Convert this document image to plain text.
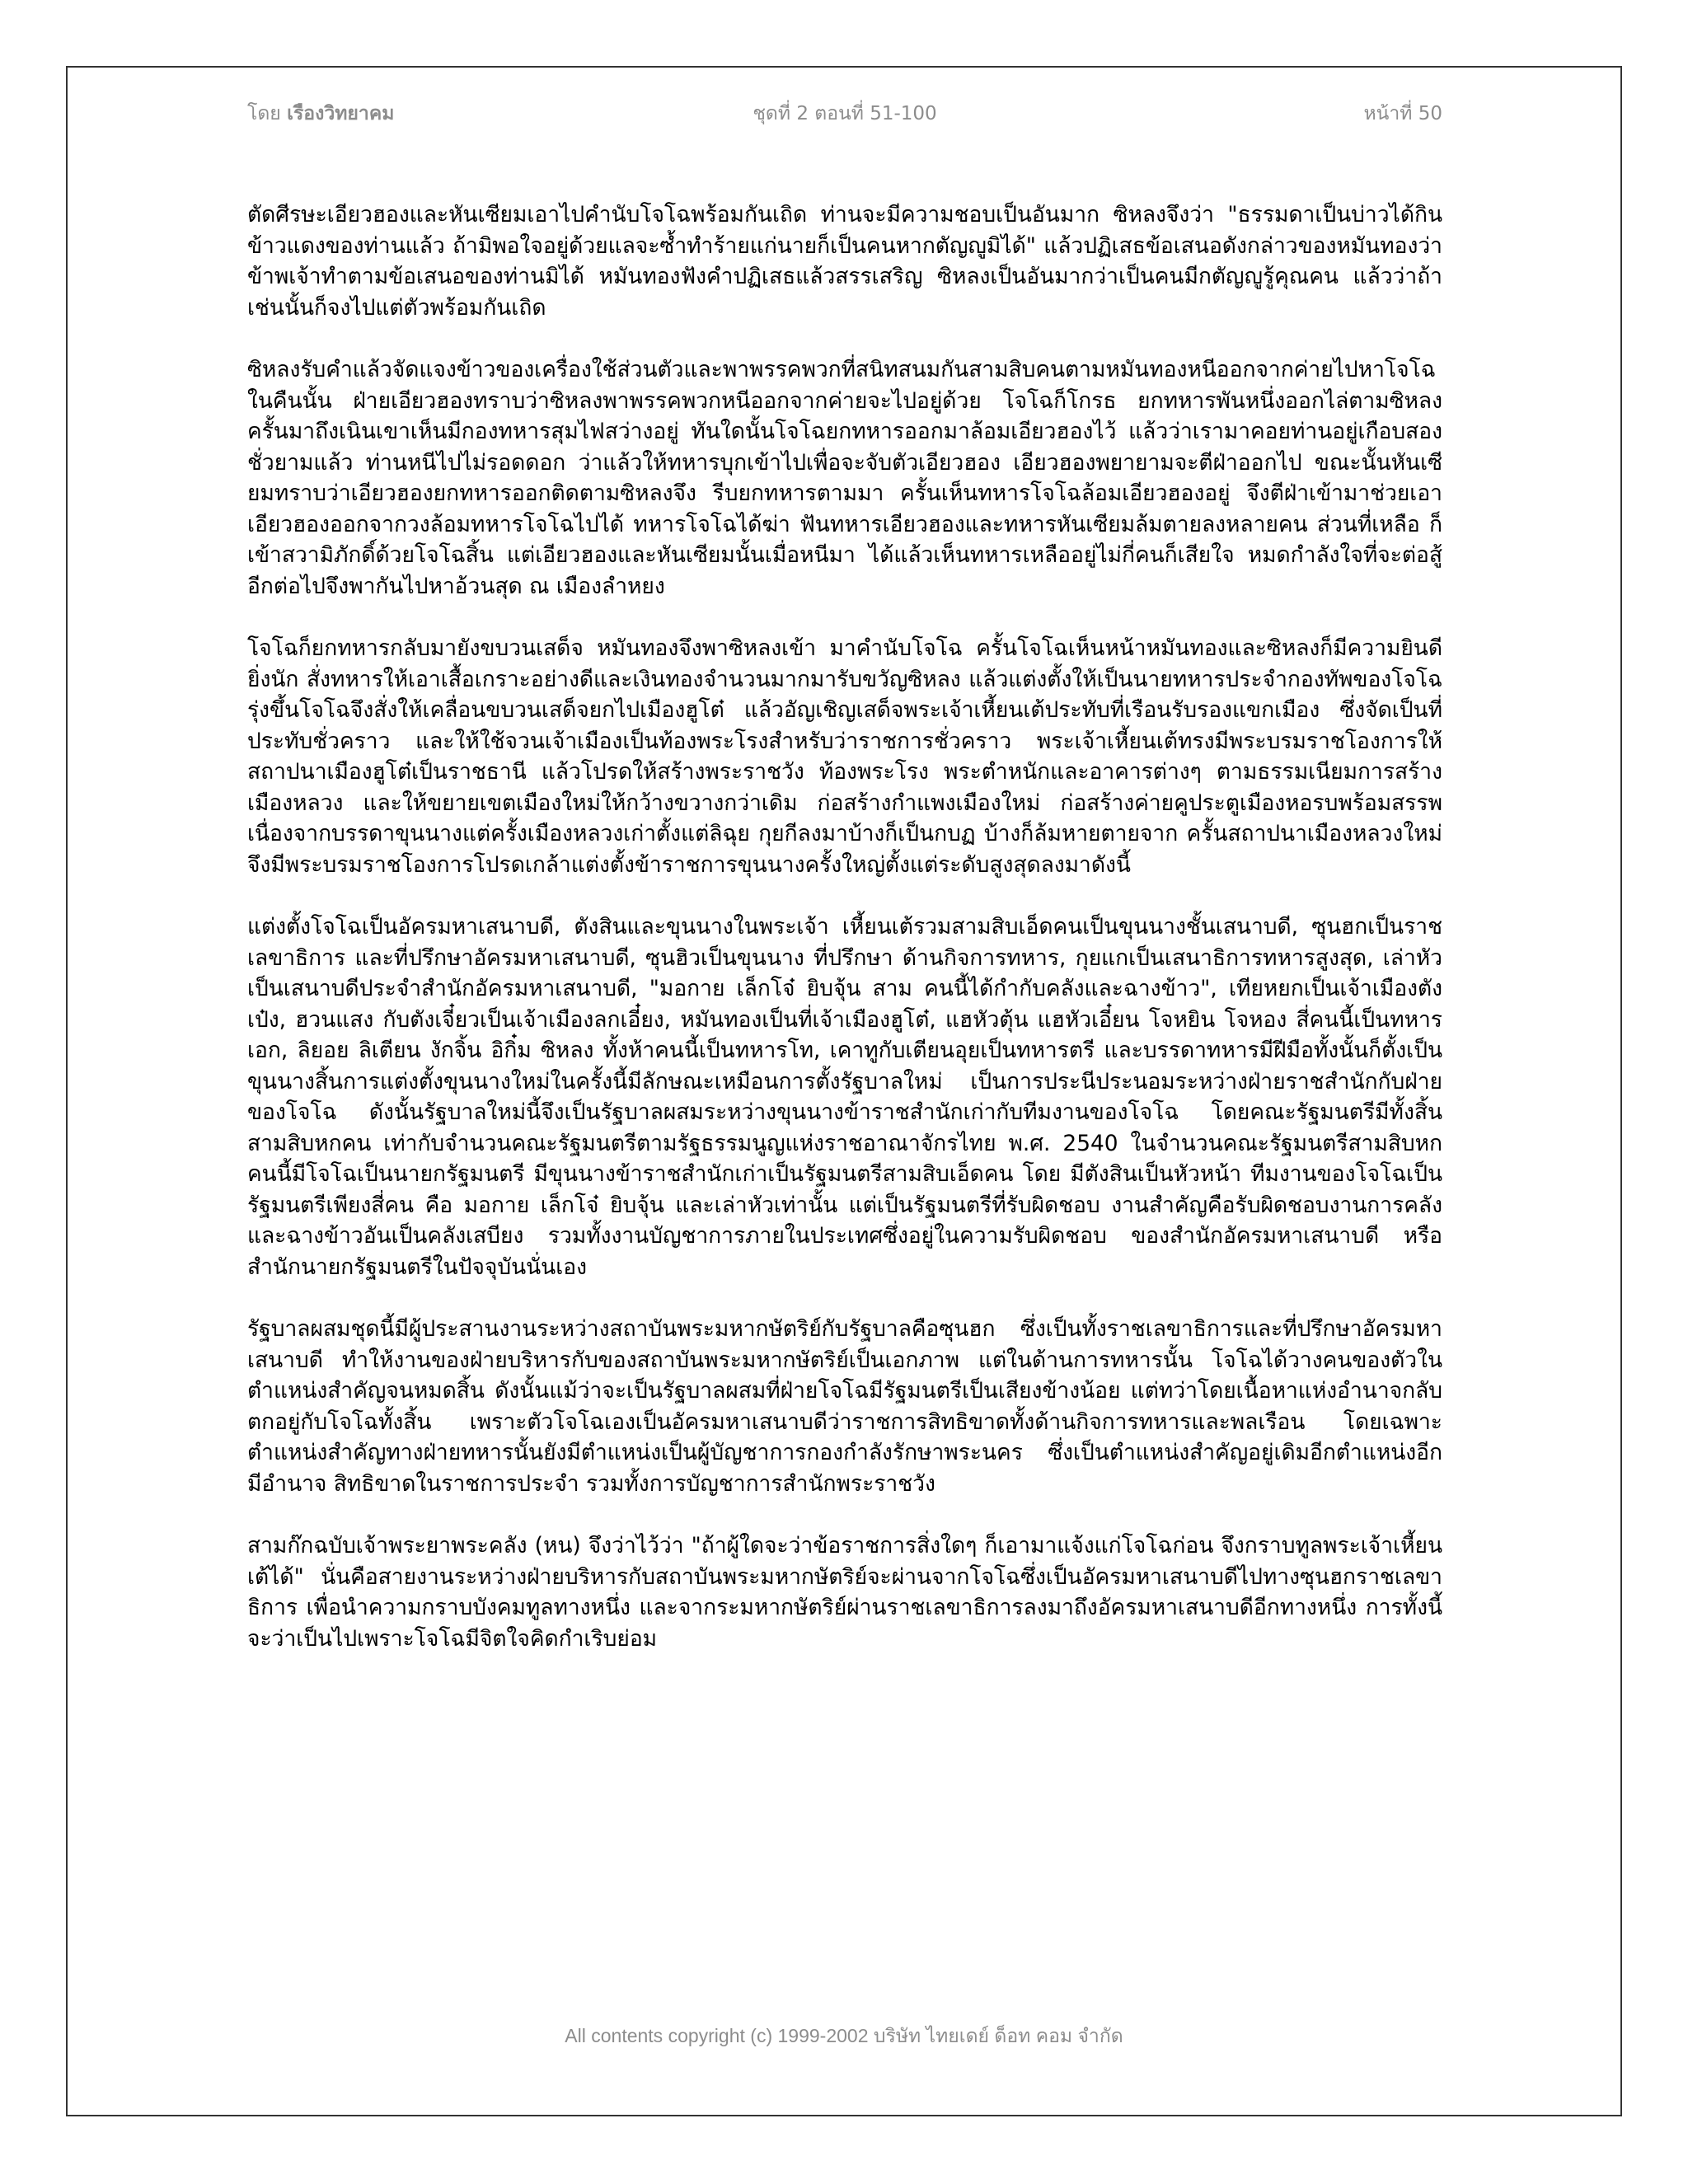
โดย เรืองวิทยาคม	ชุดที่ 2 ตอนที่ 51-100	หน้าที่ 50

ตัดศีรษะเอียวฮองและหันเซียมเอาไปคำนับโจโฉพร้อมกันเถิด ท่านจะมีความชอบเป็นอันมาก ซิหลงจึงว่า "ธรรมดาเป็นบ่าวได้กินข้าวแดงของท่านแล้ว ถ้ามิพอใจอยู่ด้วยแลจะซ้ำทำร้ายแก่นายก็เป็นคนหากตัญญูมิได้" แล้วปฏิเสธข้อเสนอดังกล่าวของหมันทองว่าข้าพเจ้าทำตามข้อเสนอของท่านมิได้ หมันทองฟังคำปฏิเสธแล้วสรรเสริญ ซิหลงเป็นอันมากว่าเป็นคนมีกตัญญูรู้คุณคน แล้วว่าถ้าเช่นนั้นก็จงไปแต่ตัวพร้อมกันเถิด

ซิหลงรับคำแล้วจัดแจงข้าวของเครื่องใช้ส่วนตัวและพาพรรคพวกที่สนิทสนมกันสามสิบคนตามหมันทองหนีออกจากค่ายไปหาโจโฉในคืนนั้น ฝ่ายเอียวฮองทราบว่าซิหลงพาพรรคพวกหนีออกจากค่ายจะไปอยู่ด้วย โจโฉก็โกรธ ยกทหารพันหนึ่งออกไล่ตามซิหลง ครั้นมาถึงเนินเขาเห็นมีกองทหารสุมไฟสว่างอยู่ ทันใดนั้นโจโฉยกทหารออกมาล้อมเอียวฮองไว้ แล้วว่าเรามาคอยท่านอยู่เกือบสองชั่วยามแล้ว ท่านหนีไปไม่รอดดอก ว่าแล้วให้ทหารบุกเข้าไปเพื่อจะจับตัวเอียวฮอง เอียวฮองพยายามจะตีฝ่าออกไป ขณะนั้นหันเซียมทราบว่าเอียวฮองยกทหารออกติดตามซิหลงจึง รีบยกทหารตามมา ครั้นเห็นทหารโจโฉล้อมเอียวฮองอยู่ จึงตีฝ่าเข้ามาช่วยเอาเอียวฮองออกจากวงล้อมทหารโจโฉไปได้ ทหารโจโฉได้ฆ่า ฟันทหารเอียวฮองและทหารหันเซียมล้มตายลงหลายคน ส่วนที่เหลือ ก็เข้าสวามิภักดิ์ด้วยโจโฉสิ้น แต่เอียวฮองและหันเซียมนั้นเมื่อหนีมา ได้แล้วเห็นทหารเหลืออยู่ไม่กี่คนก็เสียใจ หมดกำลังใจที่จะต่อสู้อีกต่อไปจึงพากันไปหาอ้วนสุด ณ เมืองลำหยง

โจโฉก็ยกทหารกลับมายังขบวนเสด็จ หมันทองจึงพาซิหลงเข้า มาคำนับโจโฉ ครั้นโจโฉเห็นหน้าหมันทองและซิหลงก็มีความยินดียิ่งนัก สั่งทหารให้เอาเสื้อเกราะอย่างดีและเงินทองจำนวนมากมารับขวัญซิหลง แล้วแต่งตั้งให้เป็นนายทหารประจำกองทัพของโจโฉ รุ่งขึ้นโจโฉจึงสั่งให้เคลื่อนขบวนเสด็จยกไปเมืองฮูโต๋ แล้วอัญเชิญเสด็จพระเจ้าเหี้ยนเต้ประทับที่เรือนรับรองแขกเมือง ซึ่งจัดเป็นที่ประทับชั่วคราว และให้ใช้จวนเจ้าเมืองเป็นท้องพระโรงสำหรับว่าราชการชั่วคราว พระเจ้าเหี้ยนเต้ทรงมีพระบรมราชโองการให้สถาปนาเมืองฮูโต๋เป็นราชธานี แล้วโปรดให้สร้างพระราชวัง ท้องพระโรง พระตำหนักและอาคารต่างๆ ตามธรรมเนียมการสร้างเมืองหลวง และให้ขยายเขตเมืองใหม่ให้กว้างขวางกว่าเดิม ก่อสร้างกำแพงเมืองใหม่ ก่อสร้างค่ายคูประตูเมืองหอรบพร้อมสรรพเนื่องจากบรรดาขุนนางแต่ครั้งเมืองหลวงเก่าตั้งแต่ลิฉุย กุยกีลงมาบ้างก็เป็นกบฏ บ้างก็ล้มหายตายจาก ครั้นสถาปนาเมืองหลวงใหม่จึงมีพระบรมราชโองการโปรดเกล้าแต่งตั้งข้าราชการขุนนางครั้งใหญ่ตั้งแต่ระดับสูงสุดลงมาดังนี้

แต่งตั้งโจโฉเป็นอัครมหาเสนาบดี, ตังสินและขุนนางในพระเจ้า เหี้ยนเต้รวมสามสิบเอ็ดคนเป็นขุนนางชั้นเสนาบดี, ซุนฮกเป็นราชเลขาธิการ และที่ปรึกษาอัครมหาเสนาบดี, ซุนฮิวเป็นขุนนาง ที่ปรึกษา ด้านกิจการทหาร, กุยแกเป็นเสนาธิการทหารสูงสุด, เล่าหัวเป็นเสนาบดีประจำสำนักอัครมหาเสนาบดี, "มอกาย เล็กโจ๋ ยิบจุ้น สาม คนนี้ได้กำกับคลังและฉางข้าว", เทียหยกเป็นเจ้าเมืองตังเป๋ง, ฮวนแสง กับตังเจี๋ยวเป็นเจ้าเมืองลกเอี๋ยง, หมันทองเป็นที่เจ้าเมืองฮูโต๋, แฮหัวตุ้น แฮหัวเอี๋ยน โจหยิน โจหอง สี่คนนี้เป็นทหารเอก, ลิยอย ลิเตียน งักจิ้น อิกิ๋ม ซิหลง ทั้งห้าคนนี้เป็นทหารโท, เคาทูกับเตียนอุยเป็นทหารตรี และบรรดาทหารมีฝีมือทั้งนั้นก็ตั้งเป็นขุนนางสิ้นการแต่งตั้งขุนนางใหม่ในครั้งนี้มีลักษณะเหมือนการตั้งรัฐบาลใหม่ เป็นการประนีประนอมระหว่างฝ่ายราชสำนักกับฝ่ายของโจโฉ ดังนั้นรัฐบาลใหม่นี้จึงเป็นรัฐบาลผสมระหว่างขุนนางข้าราชสำนักเก่ากับทีมงานของโจโฉ โดยคณะรัฐมนตรีมีทั้งสิ้นสามสิบหกคน เท่ากับจำนวนคณะรัฐมนตรีตามรัฐธรรมนูญแห่งราชอาณาจักรไทย พ.ศ. 2540 ในจำนวนคณะรัฐมนตรีสามสิบหกคนนี้มีโจโฉเป็นนายกรัฐมนตรี มีขุนนางข้าราชสำนักเก่าเป็นรัฐมนตรีสามสิบเอ็ดคน โดย มีตังสินเป็นหัวหน้า ทีมงานของโจโฉเป็นรัฐมนตรีเพียงสี่คน คือ มอกาย เล็กโจ๋ ยิบจุ้น และเล่าหัวเท่านั้น แต่เป็นรัฐมนตรีที่รับผิดชอบ งานสำคัญคือรับผิดชอบงานการคลังและฉางข้าวอันเป็นคลังเสบียง รวมทั้งงานบัญชาการภายในประเทศซึ่งอยู่ในความรับผิดชอบ ของสำนักอัครมหาเสนาบดี หรือสำนักนายกรัฐมนตรีในปัจจุบันนั่นเอง

รัฐบาลผสมชุดนี้มีผู้ประสานงานระหว่างสถาบันพระมหากษัตริย์กับรัฐบาลคือซุนฮก ซึ่งเป็นทั้งราชเลขาธิการและที่ปรึกษาอัครมหาเสนาบดี ทำให้งานของฝ่ายบริหารกับของสถาบันพระมหากษัตริย์เป็นเอกภาพ แต่ในด้านการทหารนั้น โจโฉได้วางคนของตัวในตำแหน่งสำคัญจนหมดสิ้น ดังนั้นแม้ว่าจะเป็นรัฐบาลผสมที่ฝ่ายโจโฉมีรัฐมนตรีเป็นเสียงข้างน้อย แต่ทว่าโดยเนื้อหาแห่งอำนาจกลับตกอยู่กับโจโฉทั้งสิ้น เพราะตัวโจโฉเองเป็นอัครมหาเสนาบดีว่าราชการสิทธิขาดทั้งด้านกิจการทหารและพลเรือน โดยเฉพาะตำแหน่งสำคัญทางฝ่ายทหารนั้นยังมีตำแหน่งเป็นผู้บัญชาการกองกำลังรักษาพระนคร ซึ่งเป็นตำแหน่งสำคัญอยู่เดิมอีกตำแหน่งอีก มีอำนาจ สิทธิขาดในราชการประจำ รวมทั้งการบัญชาการสำนักพระราชวัง

สามก๊กฉบับเจ้าพระยาพระคลัง (หน) จึงว่าไว้ว่า "ถ้าผู้ใดจะว่าข้อราชการสิ่งใดๆ ก็เอามาแจ้งแก่โจโฉก่อน จึงกราบทูลพระเจ้าเหี้ยนเต้ได้" นั่นคือสายงานระหว่างฝ่ายบริหารกับสถาบันพระมหากษัตริย์จะผ่านจากโจโฉซึ่งเป็นอัครมหาเสนาบดีไปทางซุนฮกราชเลขาธิการ เพื่อนำความกราบบังคมทูลทางหนึ่ง และจากระมหากษัตริย์ผ่านราชเลขาธิการลงมาถึงอัครมหาเสนาบดีอีกทางหนึ่ง การทั้งนี้จะว่าเป็นไปเพราะโจโฉมีจิตใจคิดกำเริบย่อม

All contents copyright (c) 1999-2002 บริษัท ไทยเดย์ ด็อท คอม จำกัด
